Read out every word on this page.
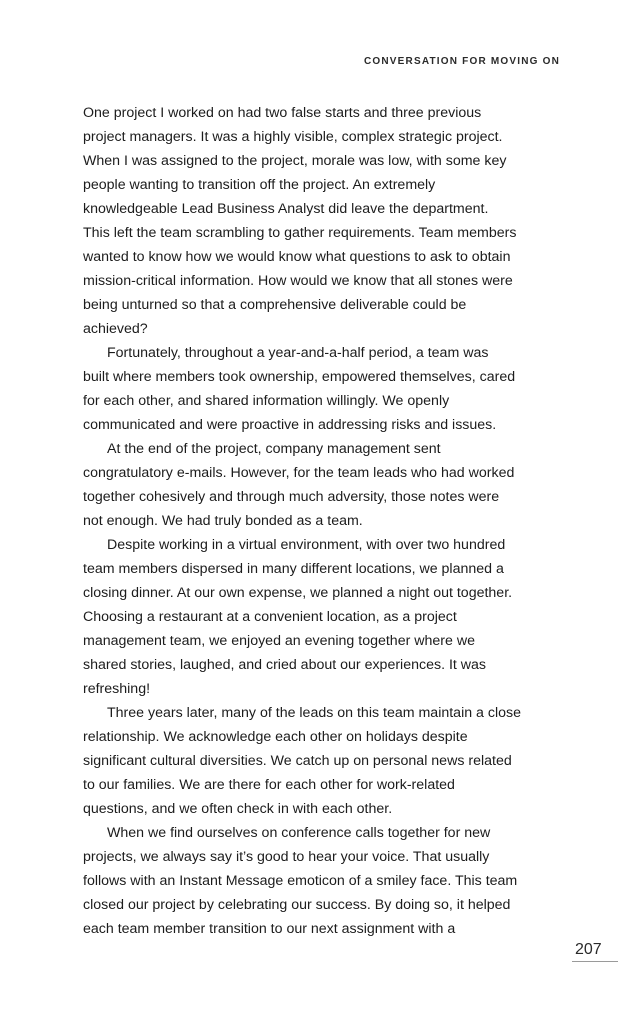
CONVERSATION FOR MOVING ON
One project I worked on had two false starts and three previous
project managers. It was a highly visible, complex strategic project.
When I was assigned to the project, morale was low, with some key
people wanting to transition off the project. An extremely
knowledgeable Lead Business Analyst did leave the department.
This left the team scrambling to gather requirements. Team members
wanted to know how we would know what questions to ask to obtain
mission-critical information. How would we know that all stones were
being unturned so that a comprehensive deliverable could be
achieved?
Fortunately, throughout a year-and-a-half period, a team was
built where members took ownership, empowered themselves, cared
for each other, and shared information willingly. We openly
communicated and were proactive in addressing risks and issues.
At the end of the project, company management sent
congratulatory e-mails. However, for the team leads who had worked
together cohesively and through much adversity, those notes were
not enough. We had truly bonded as a team.
Despite working in a virtual environment, with over two hundred
team members dispersed in many different locations, we planned a
closing dinner. At our own expense, we planned a night out together.
Choosing a restaurant at a convenient location, as a project
management team, we enjoyed an evening together where we
shared stories, laughed, and cried about our experiences. It was
refreshing!
Three years later, many of the leads on this team maintain a close
relationship. We acknowledge each other on holidays despite
significant cultural diversities. We catch up on personal news related
to our families. We are there for each other for work-related
questions, and we often check in with each other.
When we find ourselves on conference calls together for new
projects, we always say it’s good to hear your voice. That usually
follows with an Instant Message emoticon of a smiley face. This team
closed our project by celebrating our success. By doing so, it helped
each team member transition to our next assignment with a
207
